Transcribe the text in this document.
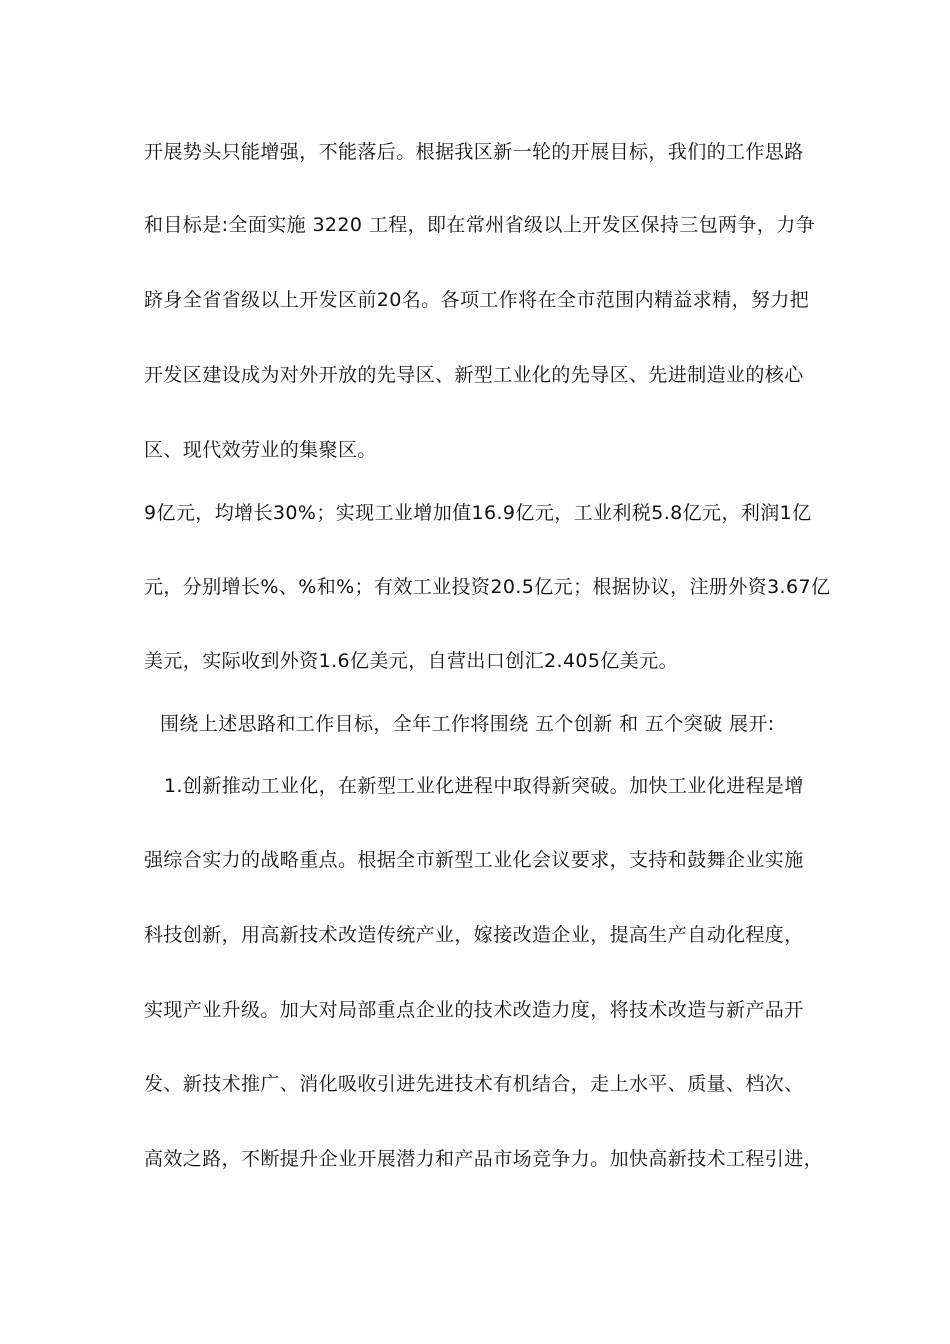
开展势头只能增强，不能落后。根据我区新一轮的开展目标，我们的工作思路
和目标是:全面实施 3220 工程，即在常州省级以上开发区保持三包两争，力争
跻身全省省级以上开发区前20名。各项工作将在全市范围内精益求精，努力把
开发区建设成为对外开放的先导区、新型工业化的先导区、先进制造业的核心
区、现代效劳业的集聚区。
9亿元，均增长30%；实现工业增加值16.9亿元，工业利税5.8亿元，利润1亿
元，分别增长%、%和%；有效工业投资20.5亿元；根据协议，注册外资3.67亿
美元，实际收到外资1.6亿美元，自营出口创汇2.405亿美元。
围绕上述思路和工作目标，全年工作将围绕 五个创新 和 五个突破 展开:
1.创新推动工业化，在新型工业化进程中取得新突破。加快工业化进程是增
强综合实力的战略重点。根据全市新型工业化会议要求，支持和鼓舞企业实施
科技创新，用高新技术改造传统产业，嫁接改造企业，提高生产自动化程度，
实现产业升级。加大对局部重点企业的技术改造力度，将技术改造与新产品开
发、新技术推广、消化吸收引进先进技术有机结合，走上水平、质量、档次、
高效之路，不断提升企业开展潜力和产品市场竞争力。加快高新技术工程引进，
